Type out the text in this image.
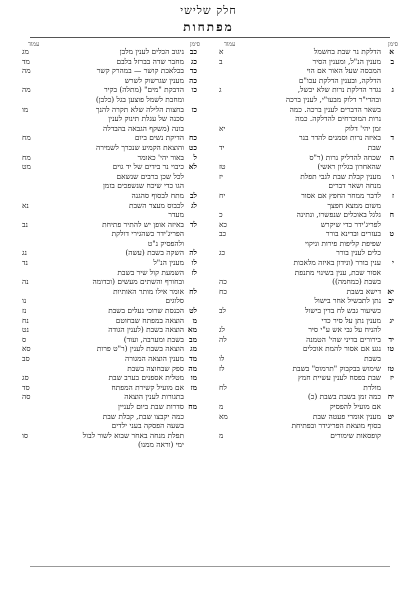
חלק שלישי
מפתחות
סימן
עמוד
סימן
עמוד
א
הדלקת נר שבת בחשמל
א
ב
מענין הנ"ל, ומענין הסיר
ב
המכסה שעל האור אם הוי
הדלקה, ובענין הדלקת עכו"ם
ג
נגדר הדלקת נרות שלא יכשל,
ג
ובהדי"ר דלוק מבעו"י, לענין ברכה
בשאר הדברים לענין ברכה. כמה
נרות המוכרחים להדלקה. כמה
זמן יהי' דלוק
יא
ד
באיזה נרות וסמנים להדר בנר
שבת
יד
ה
שכחה להדליק נרות (ר"ס
שהאחרון בגליון ראשי)
טז
ו
מענין קבלת שבת לגבי תפלת
יז
מנחה ושאר דברים
ז
לדבר ממחר החפץ אם אסור
יח
משום ממצא חפצך
ח
גלגל באוכלים שנפשרו, ונתינה
כ
לפריג'ידר כדי שיקרש
כא
ט
בעזרים ובדינא בורר
כב
שפיפת קליפות פירות וניקוי
כלים לענין בורר
כג
י
ענין בורר (ונידון באיזה מלאכות
אסור שבת, ענין בשינוי מתנפת
בשבת (כמחמה))
כה
יא
דישא בשבת
כח
יב
נתן לתבשיל אחר בישול
כשיעור גבש לח בדין בישול
לב
יג
מענין נתן על סיר כדי
להניח על גבי אש ע"י סיר
לג
יד
בירורים בדיני שהי' הטמנה
לה
טו
נגע אם אסור להמת אוכלים
בשבת
לו
טז
שימוש בבקבוק "תרמוס" בשבת
לז
יז
שבת בפסח לענין עשיית חמץ
מולדת
לח
יח
כמה זמן בשבת בשבת (כ)
אם מועיל להפסיק
מ
יט
מענין אומרי פעטה שבת
מא
בסוף מוצאת הפריגידר ובפתיחת
קופסאות שימורים
מ
כב
ניגוב הכלים לענין מלבן
מג
כג
מחבר שדה בברזל בלבם
מד
כד
בכלאכת קושר — במהרק קשר
מה
כה
מענין שגרשוק לשרש
כו
הדבקת "מים" (מתלה) בקיר
מה
ומחבת לשמל פוצען בגל (כלבן)
כז
בחצות הלילה שלא תקרה להנך
מו
סכנה של עגלת תינוק לענין
בונה (משקף הגבאה בהבדלה
כח
הדיקת נשים ביום
מח
כט
והוצאת הקמיע שנכרך לשמירה
ל
באור יהי' כאומר
מח
לא
כיבוי נר בידים של יד גוים
מט
לכל שכן ברבים שנשאם
הגו כדי שיכח שנשפכים בזמן
לב
מתח לבסוף סהגנה
לג
לכבוס מעצר השבת
נא
מעדר
לד
באיזה אופן יש להתיר פתיחת
נב
הפריג'ידר כשהגירי דולקת
ולהפסיק נ"ט
לה
השקה בשבת (עשה)
נג
לו
מענין הנ"ל
נד
לז
השמעת קול שיר בשבת
ובחורף והשתים מעשים (וכדומה
נה
לח
אומר אילו מותר האותיות
סלוגים
נו
לט
הכנסת שרוכי נעלים בשבת
נז
מ
הוצאה במפתח שבחוטם
נח
מא
הוצאה בשבת (לענין הגודה
נט
מב
בשבת ומערבה, ועוד)
ס
מג
הוצאה בשבת לענין (ר"ט פרות
סא
מד
מענין הוצאה המגורה
סב
מה
ספק שבחוצה בשבת
מו
מטלית אספנים בערב שבת
סג
מז
אם מועיל קשירת המפתח
סד
בתגורות לענין הוצאה
סה
מח
סדרות שבת ביום לעניין
כמה יקבצו שבת, קבלת שבת
בשעה הפסקה בעני ילדים
תפלת מנחה באחר שבוא לשור לבול
סו
ימי (וראה ממנו)
